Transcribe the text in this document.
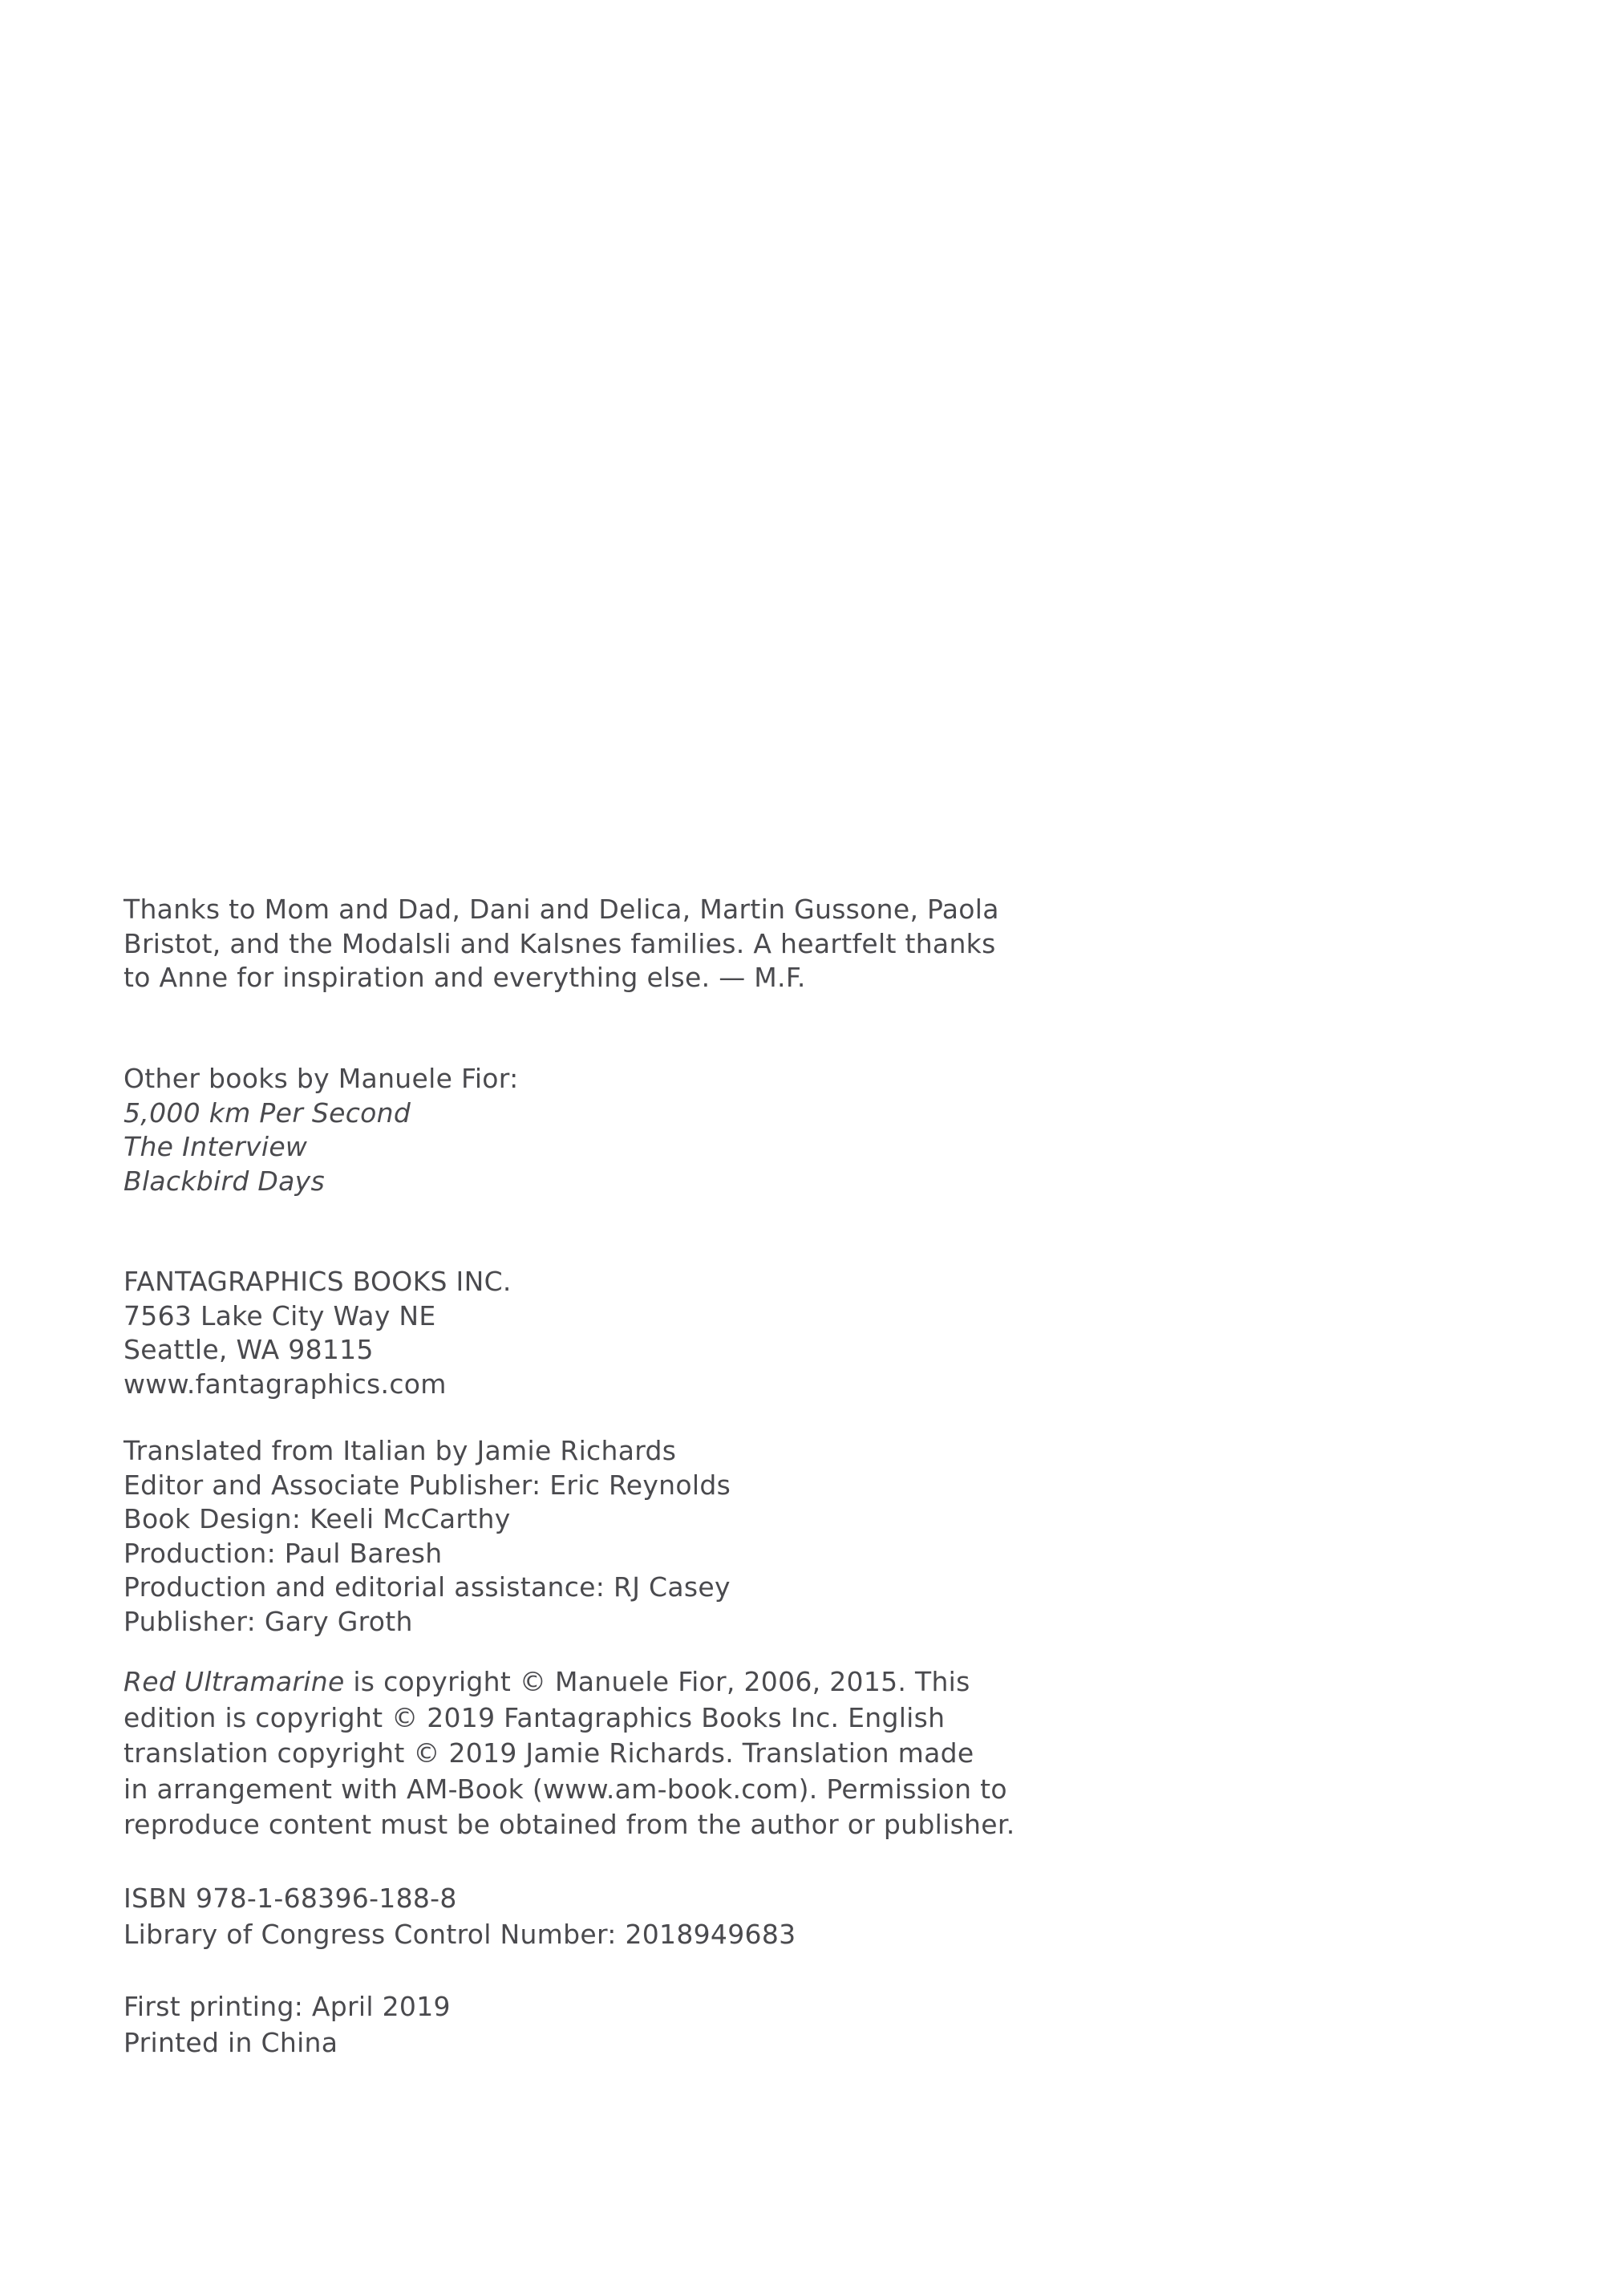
Thanks to Mom and Dad, Dani and Delica, Martin Gussone, Paola
Bristot, and the Modalsli and Kalsnes families. A heartfelt thanks
to Anne for inspiration and everything else. — M.F.
Other books by Manuele Fior:
5,000 km Per Second
The Interview
Blackbird Days
FANTAGRAPHICS BOOKS INC.
7563 Lake City Way NE
Seattle, WA 98115
www.fantagraphics.com
Translated from Italian by Jamie Richards
Editor and Associate Publisher: Eric Reynolds
Book Design: Keeli McCarthy
Production: Paul Baresh
Production and editorial assistance: RJ Casey
Publisher: Gary Groth
Red Ultramarine is copyright © Manuele Fior, 2006, 2015. This
edition is copyright © 2019 Fantagraphics Books Inc. English
translation copyright © 2019 Jamie Richards. Translation made
in arrangement with AM-Book (www.am-book.com). Permission to
reproduce content must be obtained from the author or publisher.
ISBN 978-1-68396-188-8
Library of Congress Control Number: 2018949683
First printing: April 2019
Printed in China
